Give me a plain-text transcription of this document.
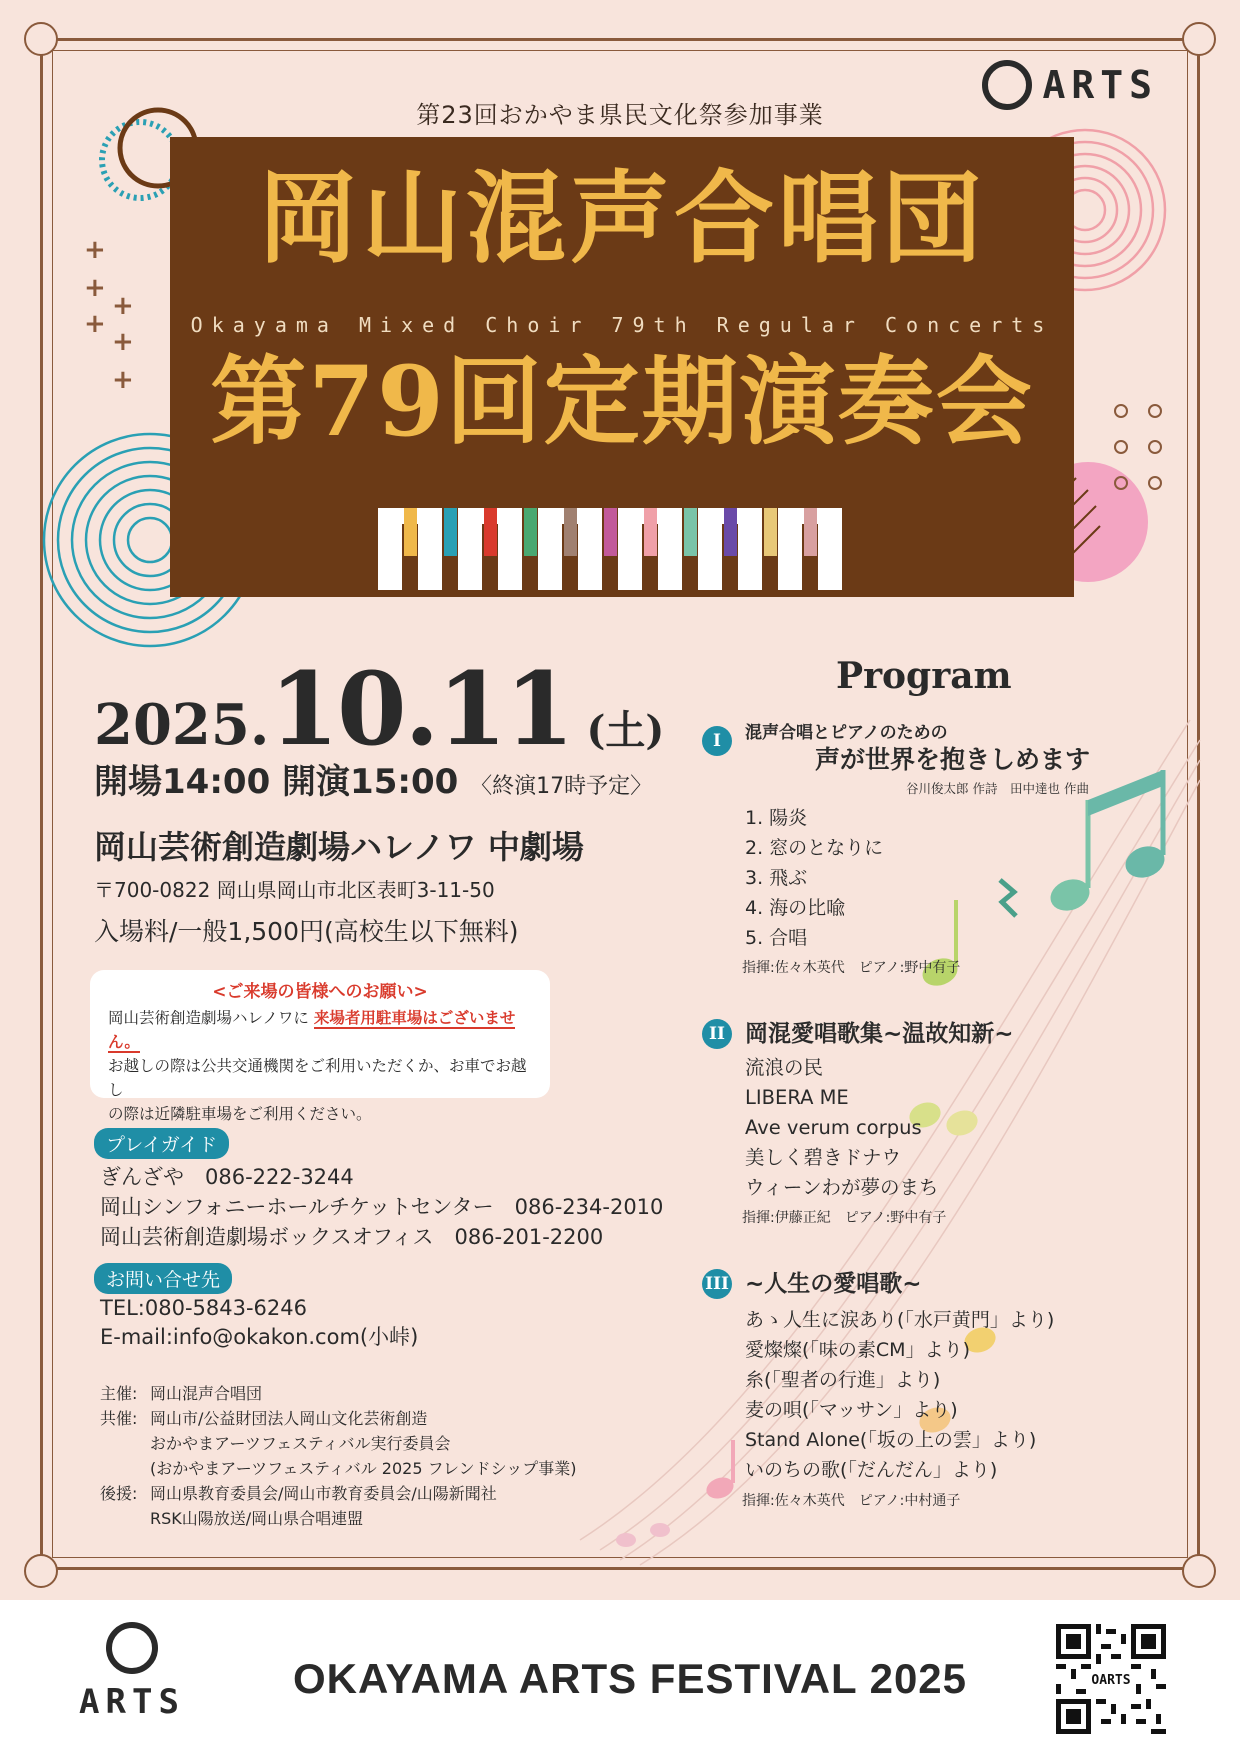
+
+
+
+
+
+
第23回おかやま県民文化祭参加事業
ARTS
岡山混声合唱団
Okayama Mixed Choir 79th Regular Concerts
第79回定期演奏会
2025. 10.11 (土)
開場14:00 開演15:00 〈終演17時予定〉
岡山芸術創造劇場ハレノワ 中劇場
〒700-0822 岡山県岡山市北区表町3-11-50
入場料/一般1,500円(高校生以下無料)
<ご来場の皆様へのお願い>
岡山芸術創造劇場ハレノワに 来場者用駐車場はございません。
お越しの際は公共交通機関をご利用いただくか、お車でお越し
の際は近隣駐車場をご利用ください。
プレイガイド
ぎんざや　086-222-3244
岡山シンフォニーホールチケットセンター　086-234-2010
岡山芸術創造劇場ボックスオフィス　086-201-2200
お問い合せ先
TEL:080-5843-6246
E-mail:info@okakon.com(小峠)
主催: 岡山混声合唱団
共催: 岡山市/公益財団法人岡山文化芸術創造
おかやまアーツフェスティバル実行委員会
(おかやまアーツフェスティバル 2025 フレンドシップ事業)
後援: 岡山県教育委員会/岡山市教育委員会/山陽新聞社
RSK山陽放送/岡山県合唱連盟
Program
I	混声合唱とピアノのための
声が世界を抱きしめます
谷川俊太郎 作詩　田中達也 作曲
1. 陽炎
2. 窓のとなりに
3. 飛ぶ
4. 海の比喩
5. 合唱
指揮:佐々木英代　ピアノ:野中有子
II 岡混愛唱歌集~温故知新~
流浪の民
LIBERA ME
Ave verum corpus
美しく碧きドナウ
ウィーンわが夢のまち
指揮:伊藤正紀　ピアノ:野中有子
III ~人生の愛唱歌~
あゝ人生に涙あり(「水戸黄門」より)
愛燦燦(「味の素CM」より)
糸(「聖者の行進」より)
麦の唄(「マッサン」より)
Stand Alone(「坂の上の雲」より)
いのちの歌(「だんだん」より)
指揮:佐々木英代　ピアノ:中村通子
ARTS	OKAYAMA ARTS FESTIVAL 2025	OARTS
